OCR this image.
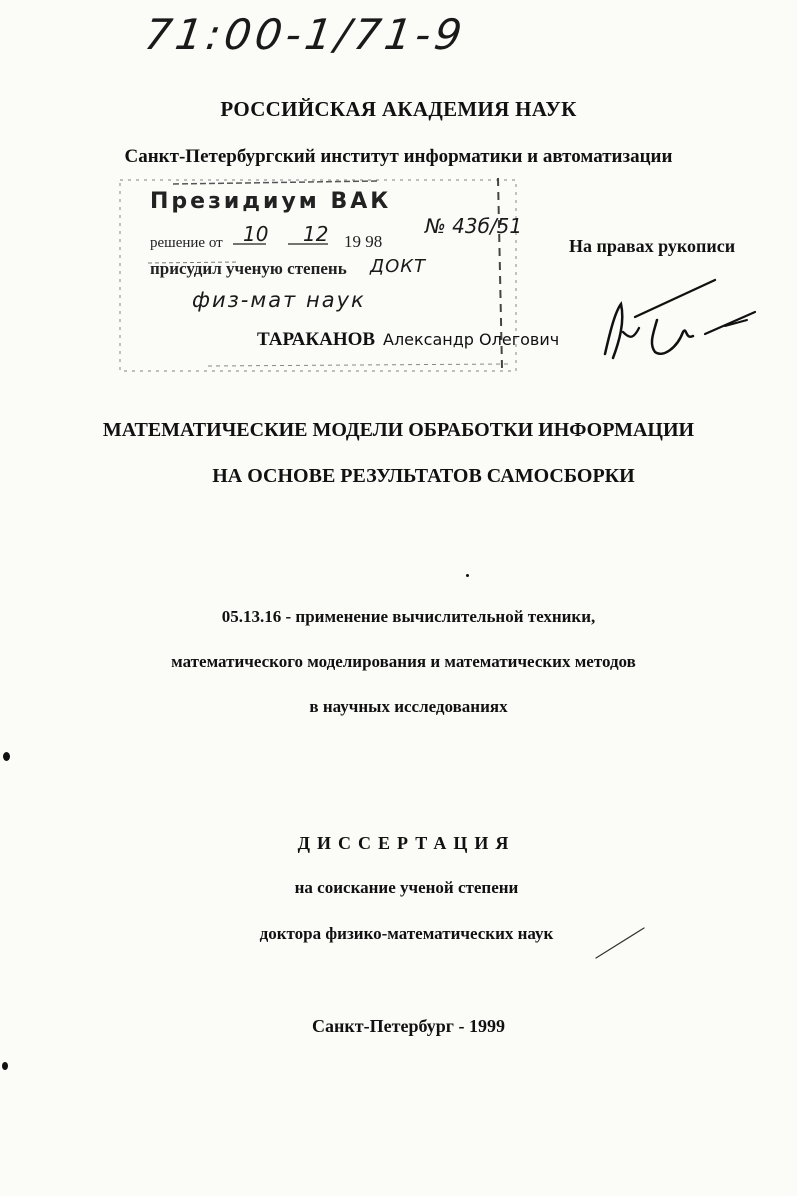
71:00-1/71-9
РОССИЙСКАЯ АКАДЕМИЯ НАУК
Санкт-Петербургский институт информатики и автоматизации
Президиум ВАК
решение от 10 12 19 98
№ 43б/51
присудил ученую степень ДОКТ
физ-мат наук
На правах рукописи
ТАРАКАНОВ Александр Олегович
МАТЕМАТИЧЕСКИЕ МОДЕЛИ ОБРАБОТКИ ИНФОРМАЦИИ
НА ОСНОВЕ РЕЗУЛЬТАТОВ САМОСБОРКИ
05.13.16 - применение вычислительной техники,
математического моделирования и математических методов
в научных исследованиях
ДИССЕРТАЦИЯ
на соискание ученой степени
доктора физико-математических наук
Санкт-Петербург - 1999
